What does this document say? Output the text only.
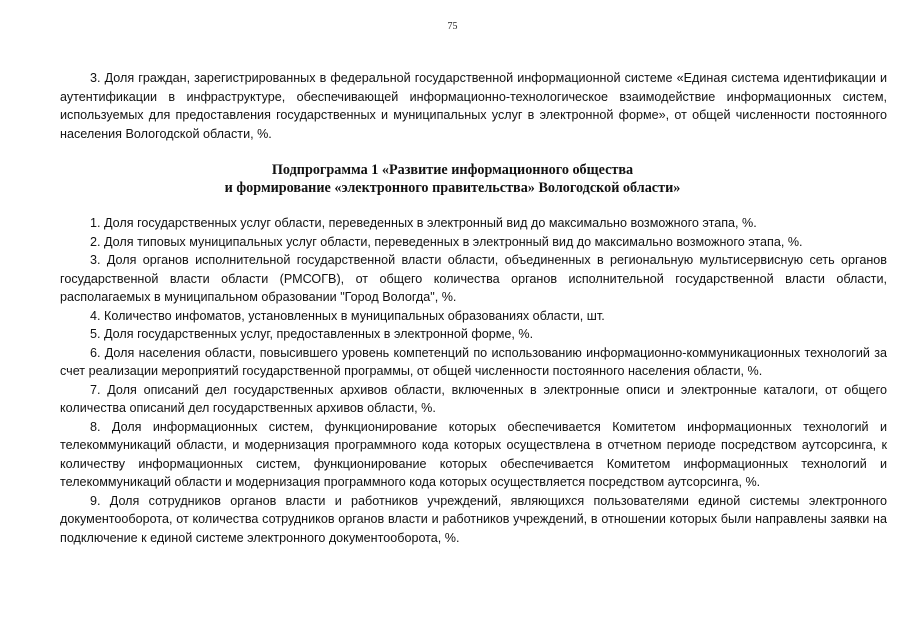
75

3. Доля граждан, зарегистрированных в федеральной государственной информационной системе «Единая система идентификации и аутентификации в инфраструктуре, обеспечивающей информационно-технологическое взаимодействие информационных систем, используемых для предоставления государственных и муниципальных услуг в электронной форме», от общей численности постоянного населения Вологодской области, %.

Подпрограмма 1 «Развитие информационного общества
и формирование «электронного правительства» Вологодской области»

1. Доля государственных услуг области, переведенных в электронный вид до максимально возможного этапа, %.

2. Доля типовых муниципальных услуг области, переведенных в электронный вид до максимально возможного этапа, %.

3. Доля органов исполнительной государственной власти области, объединенных в региональную мультисервисную сеть органов государственной власти области (РМСОГВ), от общего количества органов исполнительной государственной власти области, располагаемых в муниципальном образовании "Город Вологда", %.

4. Количество инфоматов, установленных в муниципальных образованиях области, шт.

5. Доля государственных услуг, предоставленных в электронной форме, %.

6. Доля населения области, повысившего уровень компетенций по использованию информационно-коммуникационных технологий за счет реализации мероприятий государственной программы, от общей численности постоянного населения области, %.

7. Доля описаний дел государственных архивов области, включенных в электронные описи и электронные каталоги, от общего количества описаний дел государственных архивов области, %.

8. Доля информационных систем, функционирование которых обеспечивается Комитетом информационных технологий и телекоммуникаций области, и модернизация программного кода которых осуществлена в отчетном периоде посредством аутсорсинга, к количеству информационных систем, функционирование которых обеспечивается Комитетом информационных технологий и телекоммуникаций области и модернизация программного кода которых осуществляется посредством аутсорсинга, %.

9. Доля сотрудников органов власти и работников учреждений, являющихся пользователями единой системы электронного документооборота, от количества сотрудников органов власти и работников учреждений, в отношении которых были направлены заявки на подключение к единой системе электронного документооборота, %.
